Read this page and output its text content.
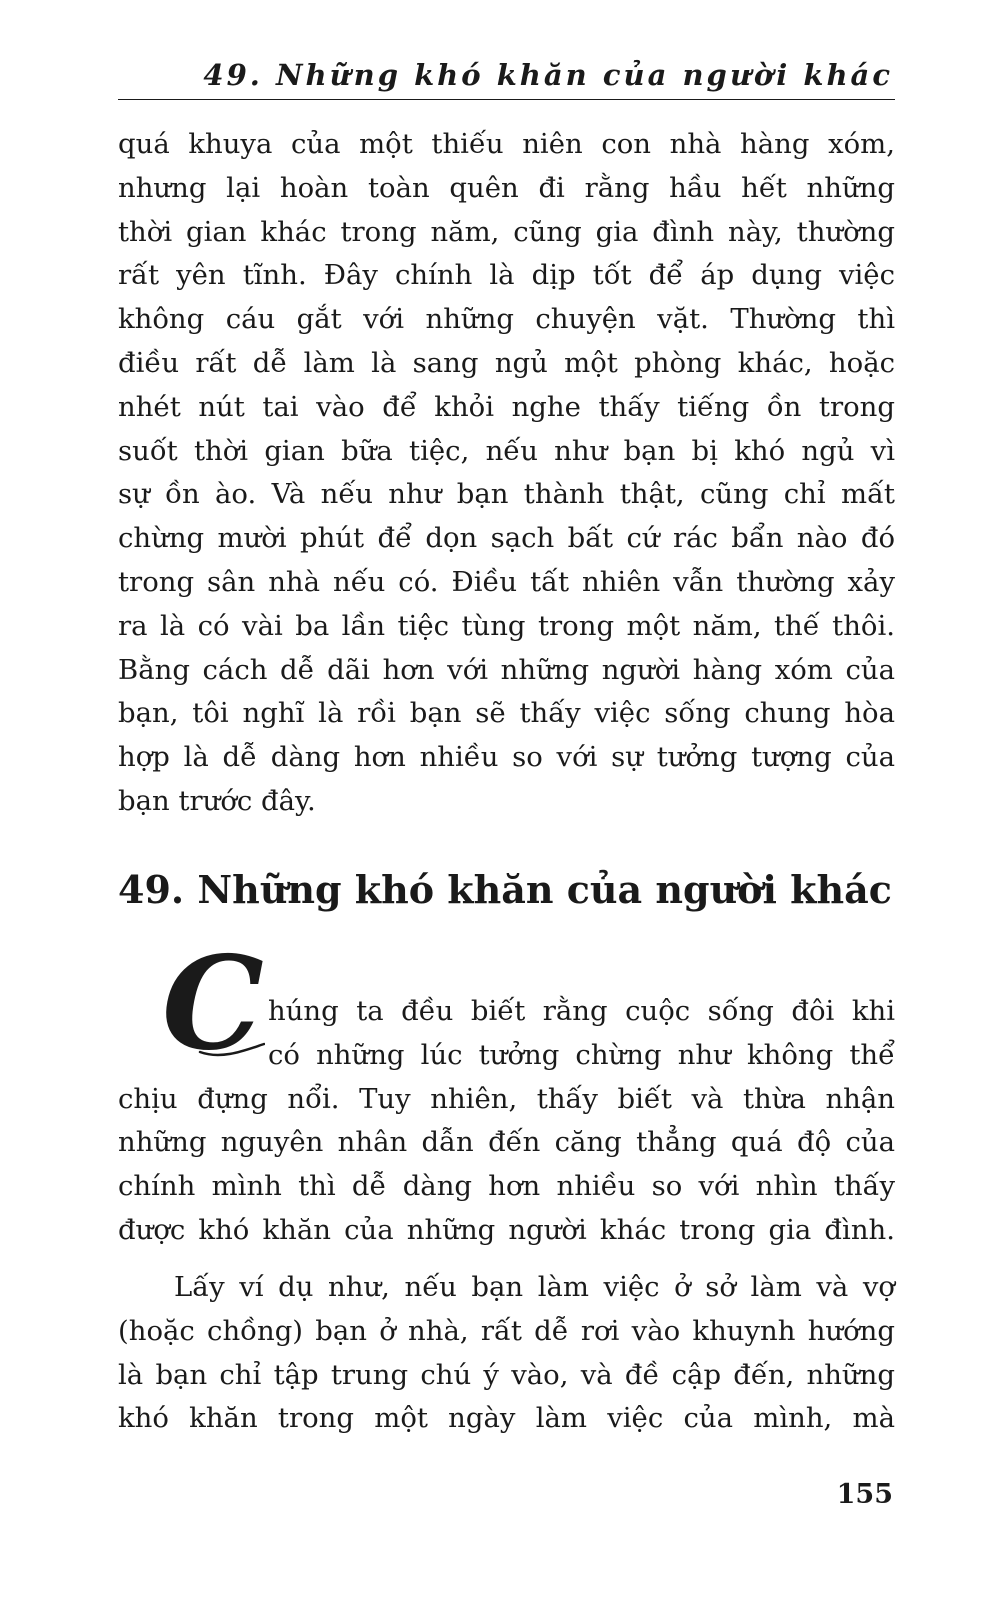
49. Những khó khăn của người khác
quá khuya của một thiếu niên con nhà hàng xóm,
nhưng lại hoàn toàn quên đi rằng hầu hết những
thời gian khác trong năm, cũng gia đình này, thường
rất yên tĩnh. Đây chính là dịp tốt để áp dụng việc
không cáu gắt với những chuyện vặt. Thường thì
điều rất dễ làm là sang ngủ một phòng khác, hoặc
nhét nút tai vào để khỏi nghe thấy tiếng ồn trong
suốt thời gian bữa tiệc, nếu như bạn bị khó ngủ vì
sự ồn ào. Và nếu như bạn thành thật, cũng chỉ mất
chừng mười phút để dọn sạch bất cứ rác bẩn nào đó
trong sân nhà nếu có. Điều tất nhiên vẫn thường xảy
ra là có vài ba lần tiệc tùng trong một năm, thế thôi.
Bằng cách dễ dãi hơn với những người hàng xóm của
bạn, tôi nghĩ là rồi bạn sẽ thấy việc sống chung hòa
hợp là dễ dàng hơn nhiều so với sự tưởng tượng của
bạn trước đây.
49. Những khó khăn của người khác
C húng ta đều biết rằng cuộc sống đôi khi
có những lúc tưởng chừng như không thể
chịu đựng nổi. Tuy nhiên, thấy biết và thừa nhận
những nguyên nhân dẫn đến căng thẳng quá độ của
chính mình thì dễ dàng hơn nhiều so với nhìn thấy
được khó khăn của những người khác trong gia đình.
Lấy ví dụ như, nếu bạn làm việc ở sở làm và vợ
(hoặc chồng) bạn ở nhà, rất dễ rơi vào khuynh hướng
là bạn chỉ tập trung chú ý vào, và đề cập đến, những
khó khăn trong một ngày làm việc của mình, mà
155
